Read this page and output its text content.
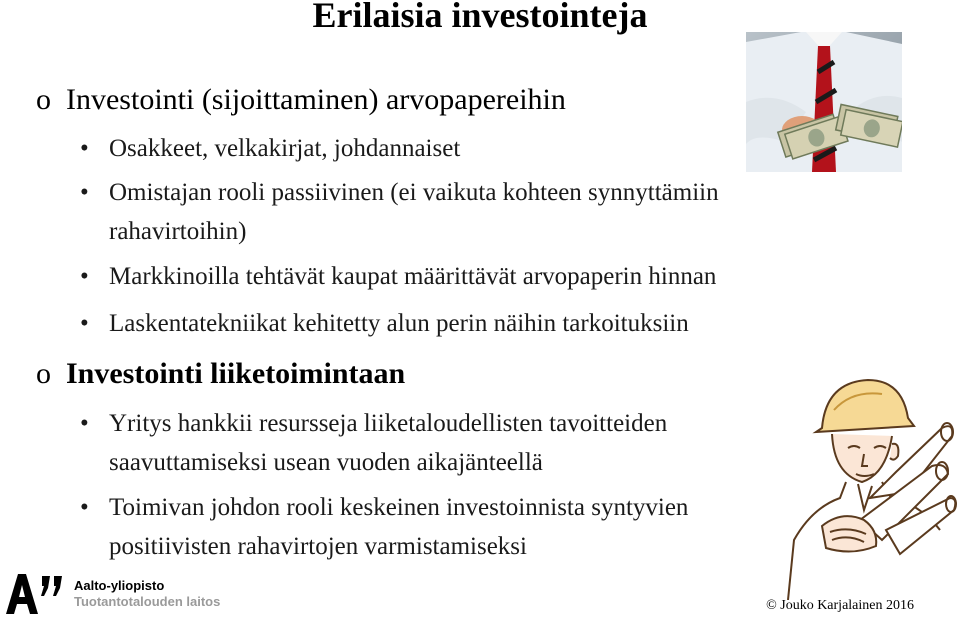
Erilaisia investointeja
o Investointi (sijoittaminen) arvopapereihin
• Osakkeet, velkakirjat, johdannaiset
• Omistajan rooli passiivinen (ei vaikuta kohteen synnyttämiin
rahavirtoihin)
• Markkinoilla tehtävät kaupat määrittävät arvopaperin hinnan
• Laskentatekniikat kehitetty alun perin näihin tarkoituksiin
o Investointi liiketoimintaan
• Yritys hankkii resursseja liiketaloudellisten tavoitteiden
saavuttamiseksi usean vuoden aikajänteellä
• Toimivan johdon rooli keskeinen investoinnista syntyvien
positiivisten rahavirtojen varmistamiseksi
Aalto-yliopisto
Tuotantotalouden laitos	© Jouko Karjalainen 2016
